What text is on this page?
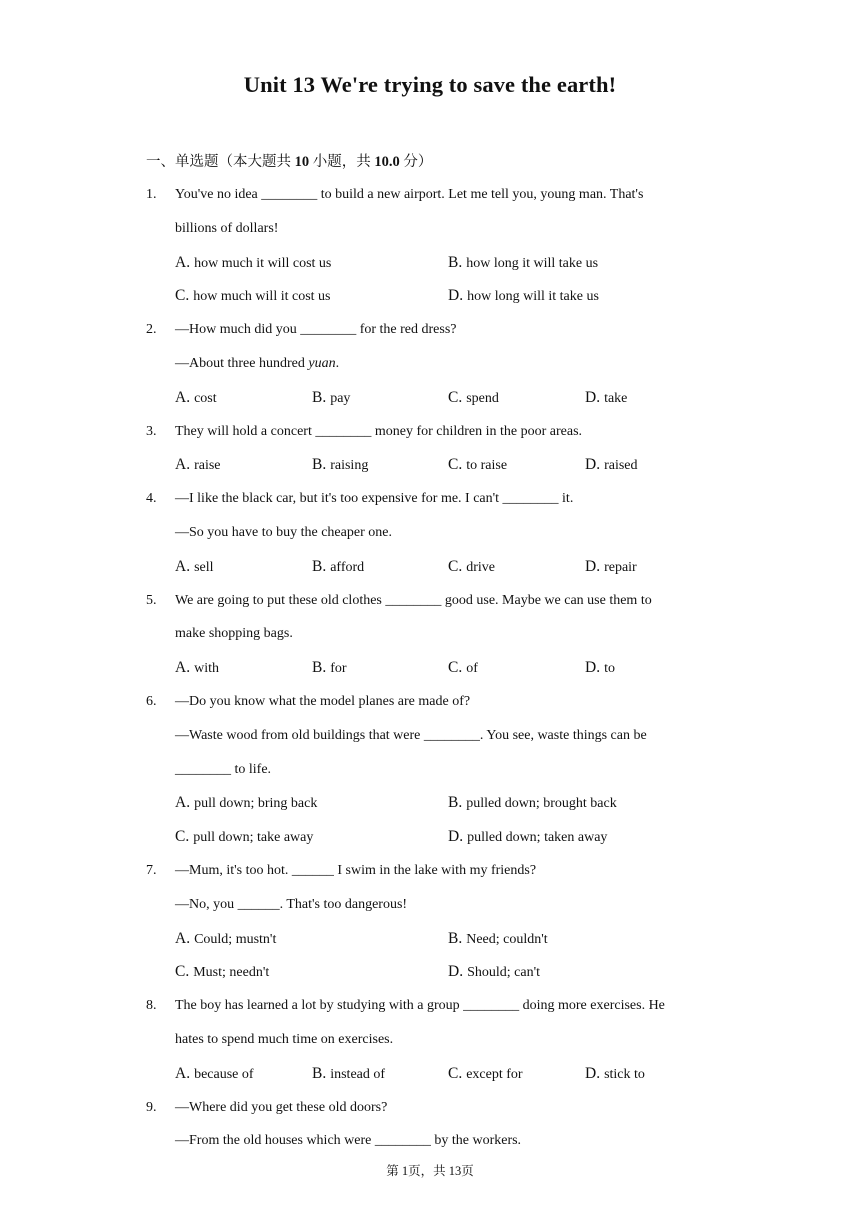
Unit 13 We're trying to save the earth!
一、单选题（本大题共 10 小题，共 10.0 分）
1. You've no idea ________ to build a new airport. Let me tell you, young man. That's
billions of dollars!
A. how much it will cost us	B. how long it will take us
C. how much will it cost us	D. how long will it take us
2. —How much did you ________ for the red dress?
—About three hundred yuan.
A. cost	B. pay	C. spend	D. take
3. They will hold a concert ________ money for children in the poor areas.
A. raise	B. raising	C. to raise	D. raised
4. —I like the black car, but it's too expensive for me. I can't ________ it.
—So you have to buy the cheaper one.
A. sell	B. afford	C. drive	D. repair
5. We are going to put these old clothes ________ good use. Maybe we can use them to
make shopping bags.
A. with	B. for	C. of	D. to
6. —Do you know what the model planes are made of?
—Waste wood from old buildings that were ________. You see, waste things can be
________ to life.
A. pull down; bring back	B. pulled down; brought back
C. pull down; take away	D. pulled down; taken away
7. —Mum, it's too hot. ______ I swim in the lake with my friends?
—No, you ______. That's too dangerous!
A. Could; mustn't	B. Need; couldn't
C. Must; needn't	D. Should; can't
8. The boy has learned a lot by studying with a group ________ doing more exercises. He
hates to spend much time on exercises.
A. because of	B. instead of	C. except for	D. stick to
9. —Where did you get these old doors?
—From the old houses which were ________ by the workers.
第 1页，共 13页
